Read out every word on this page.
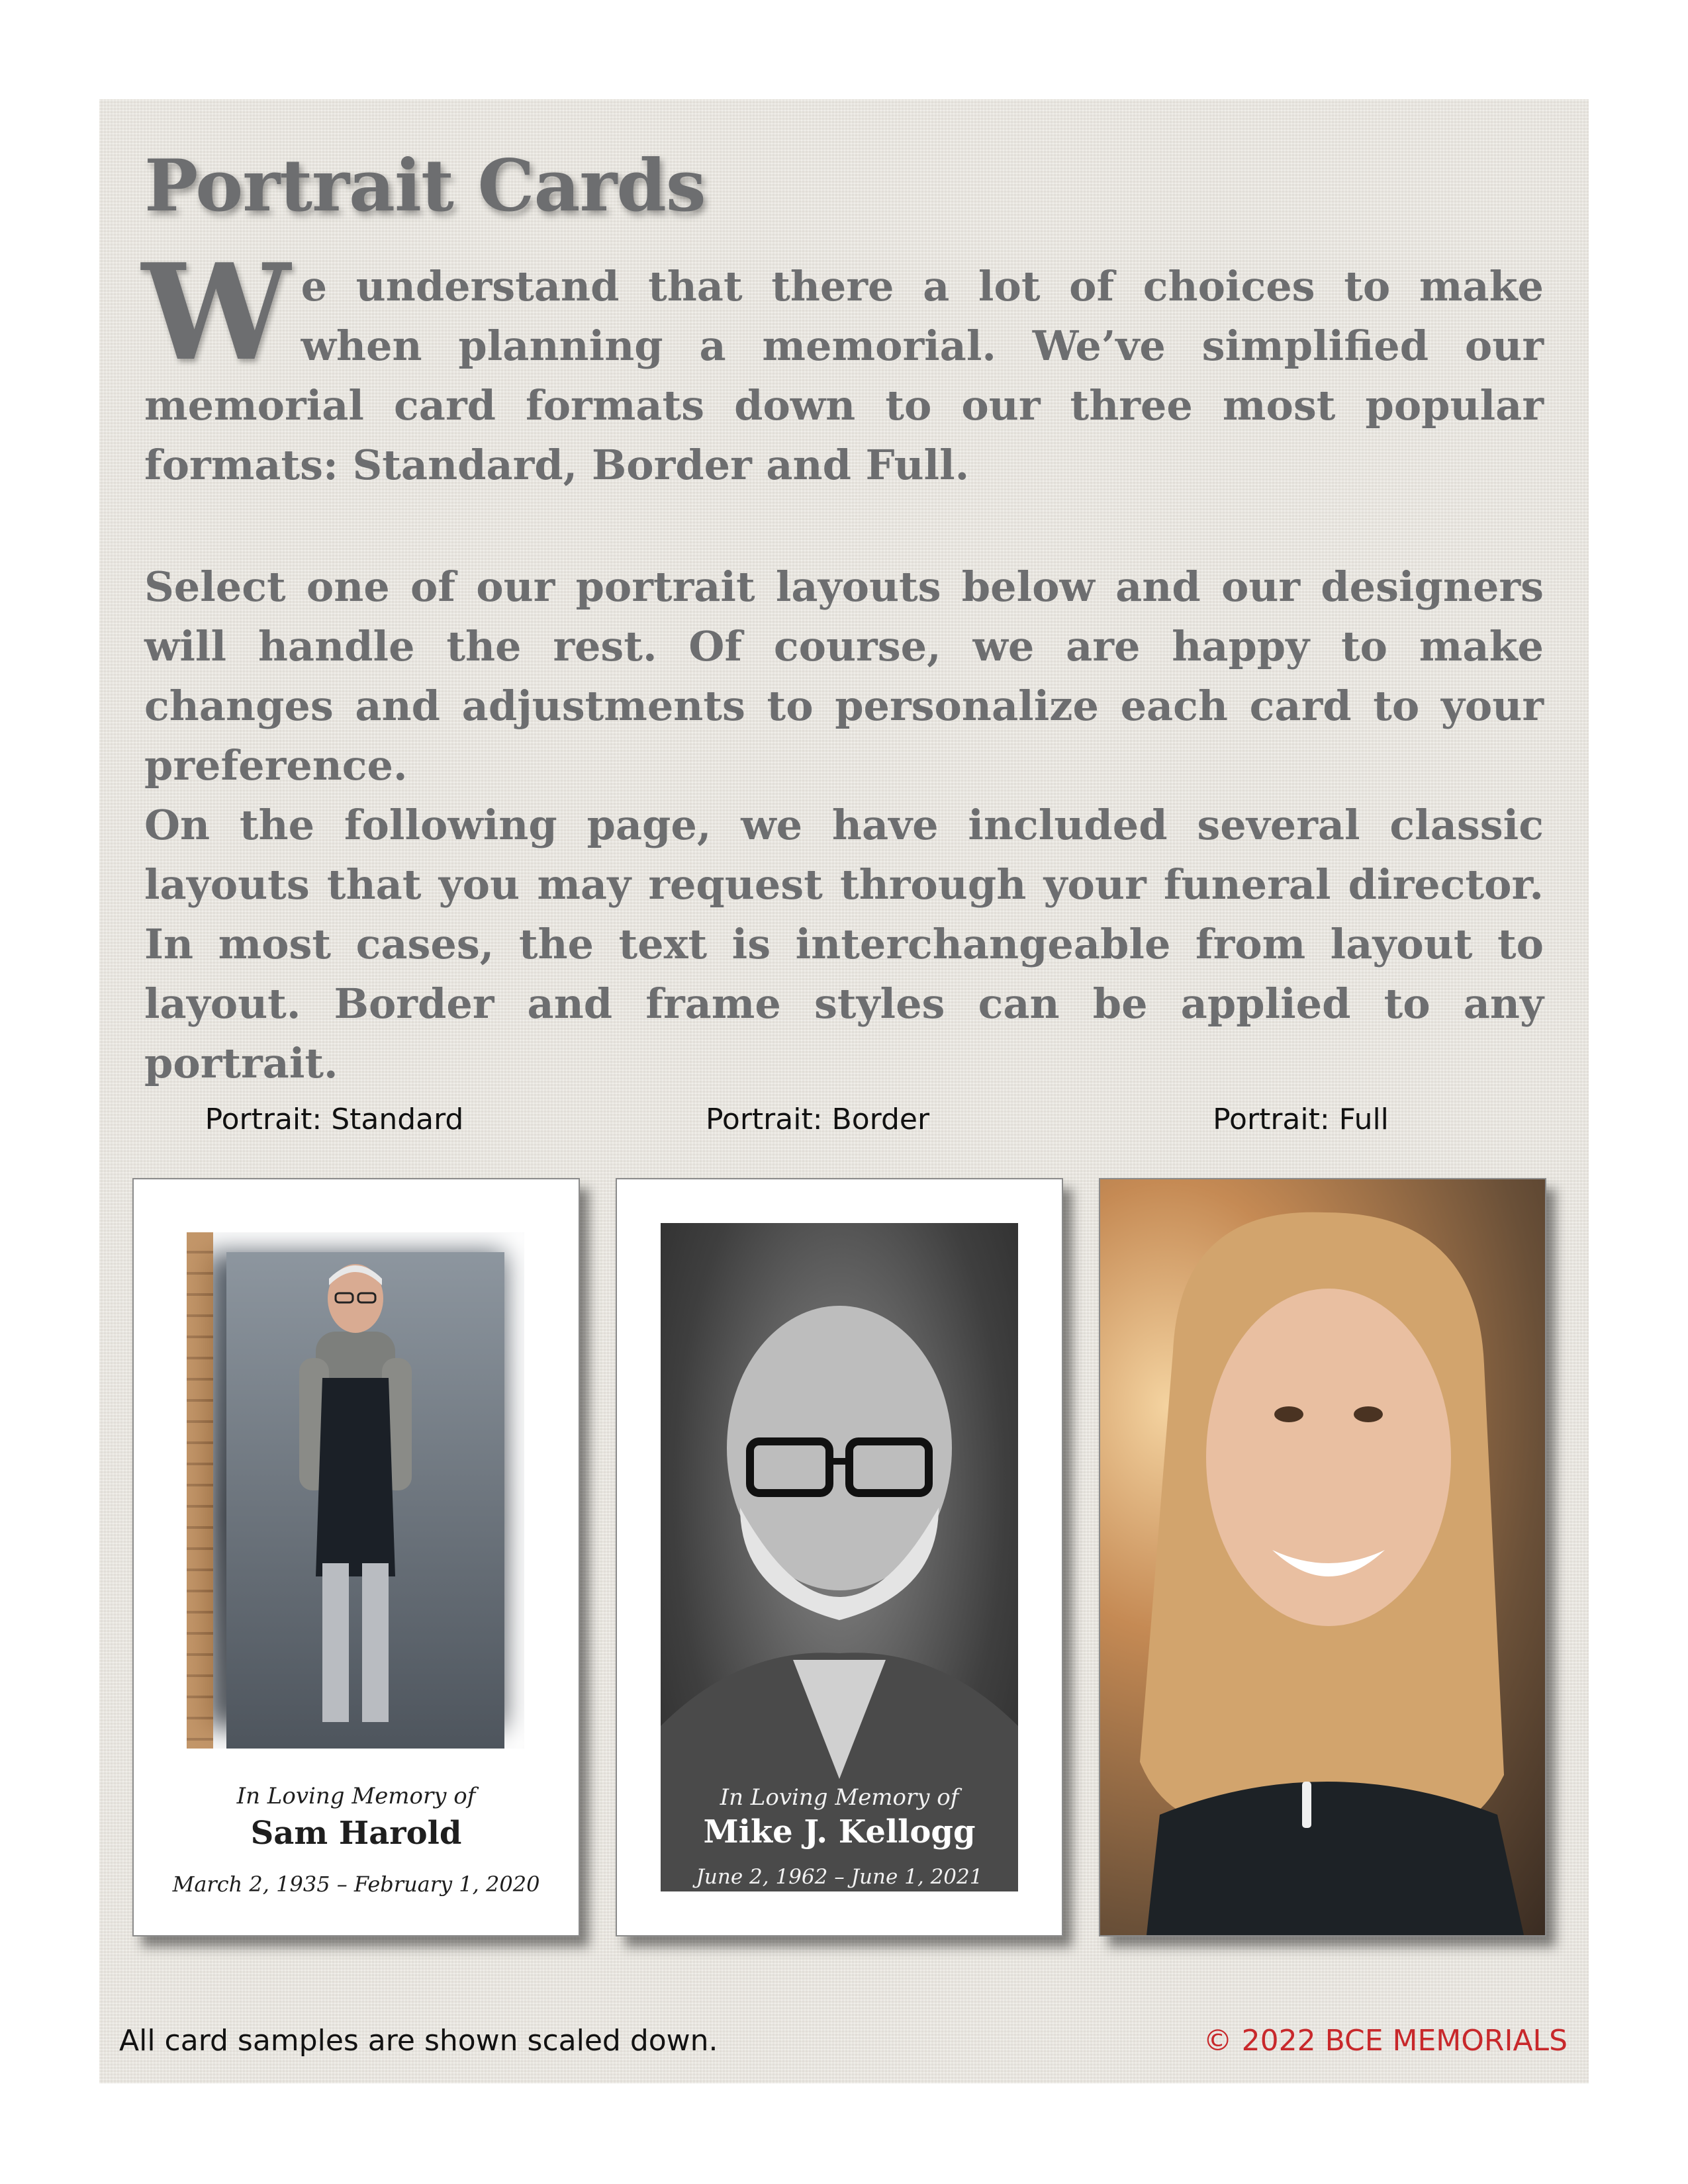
Portrait Cards

We understand that there a lot of choices to make when planning a memorial. We’ve simplified our memorial card formats down to our three most popular formats: Standard, Border and Full.

Select one of our portrait layouts below and our designers will handle the rest. Of course, we are happy to make changes and adjustments to personalize each card to your preference.

On the following page, we have included several classic layouts that you may request through your funeral director. In most cases, the text is interchangeable from layout to layout. Border and frame styles can be applied to any portrait.

Portrait: Standard	Portrait: Border	Portrait: Full
In Loving Memory of
Sam Harold
March 2, 1935 – February 1, 2020
In Loving Memory of
Mike J. Kellogg
June 2, 1962 – June 1, 2021
All card samples are shown scaled down.	© 2022 BCE MEMORIALS
